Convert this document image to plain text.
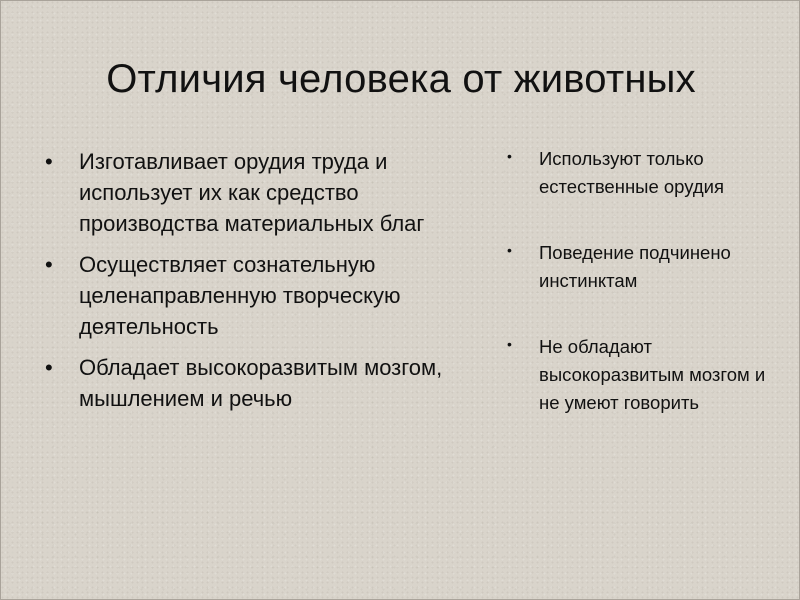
Отличия человека от животных
• Изготавливает орудия труда и использует их как средство производства материальных благ
• Осуществляет сознательную целенаправленную творческую деятельность
• Обладает высокоразвитым мозгом, мышлением и речью
• Используют только естественные орудия
• Поведение подчинено инстинктам
• Не обладают высокоразвитым мозгом и не умеют говорить
